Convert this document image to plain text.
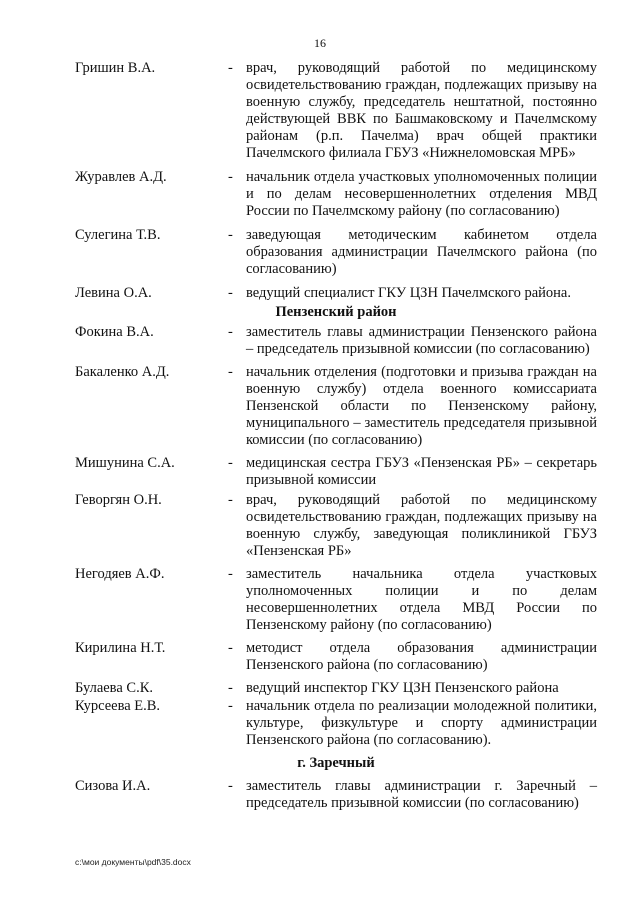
16
Гришин В.А.	- врач, руководящий работой по медицинскому освидетельствованию граждан, подлежащих призыву на военную службу, председатель нештатной, постоянно действующей ВВК по Башмаковскому и Пачелмскому районам (р.п. Пачелма) врач общей практики Пачелмского филиала ГБУЗ «Нижнеломовская МРБ»
Журавлев А.Д.	- начальник отдела участковых уполномоченных полиции и по делам несовершеннолетних отделения МВД России по Пачелмскому району (по согласованию)
Сулегина Т.В.	- заведующая методическим кабинетом отдела образования администрации Пачелмского района (по согласованию)
Левина О.А.	- ведущий специалист ГКУ ЦЗН Пачелмского района.
Пензенский район
Фокина В.А.	- заместитель главы администрации Пензенского района – председатель призывной комиссии (по согласованию)
Бакаленко А.Д.	- начальник отделения (подготовки и призыва граждан на военную службу) отдела военного комиссариата Пензенской области по Пензенскому району, муниципального – заместитель председателя призывной комиссии (по согласованию)
Мишунина С.А.	- медицинская сестра ГБУЗ «Пензенская РБ» – секретарь призывной комиссии
Геворгян О.Н.	- врач, руководящий работой по медицинскому освидетельствованию граждан, подлежащих призыву на военную службу, заведующая поликлиникой ГБУЗ «Пензенская РБ»
Негодяев А.Ф.	- заместитель начальника отдела участковых уполномоченных полиции и по делам несовершеннолетних отдела МВД России по Пензенскому району (по согласованию)
Кирилина Н.Т.	- методист отдела образования администрации Пензенского района (по согласованию)
Булаева С.К.	- ведущий инспектор ГКУ ЦЗН Пензенского района
Курсеева Е.В.	- начальник отдела по реализации молодежной политики, культуре, физкультуре и спорту администрации Пензенского района (по согласованию).
г. Заречный
Сизова И.А.	- заместитель главы администрации г. Заречный – председатель призывной комиссии (по согласованию)
c:\мои документы\pdf\35.docx
